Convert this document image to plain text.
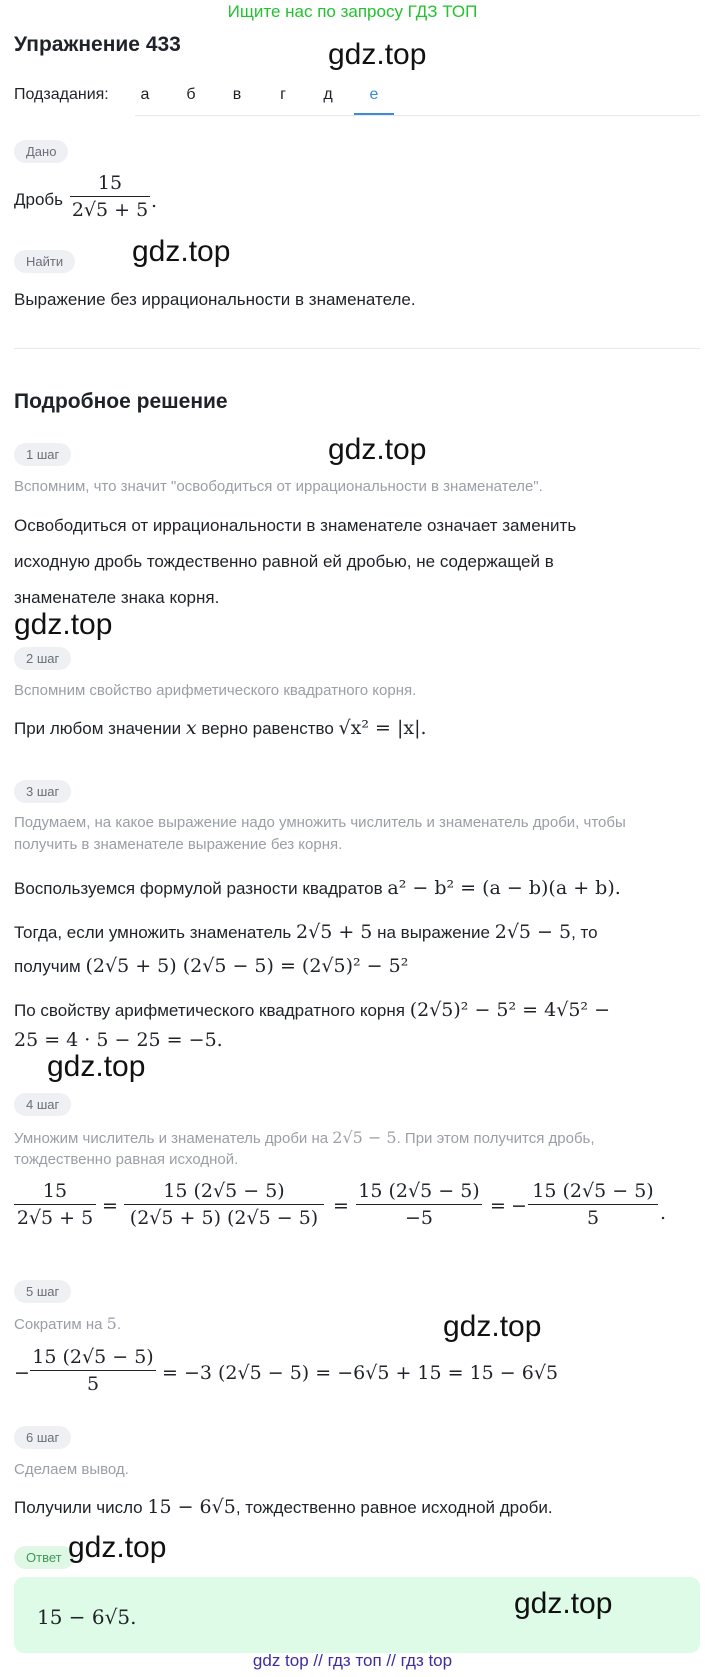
Ищите нас по запросу ГДЗ ТОП
Упражнение 433	gdz.top
Подзадания:	а	б	в	г	д	е
Дано
Дробь
15
2√5 + 5 .
Найти	gdz.top
Выражение без иррациональности в знаменателе.
Подробное решение
1 шаг	gdz.top
Вспомним, что значит "освободиться от иррациональности в знаменателе".
Освободиться от иррациональности в знаменателе означает заменить
исходную дробь тождественно равной ей дробью, не содержащей в
знаменателе знака корня.
gdz.top
2 шаг
Вспомним свойство арифметического квадратного корня.
При любом значении x верно равенство √x² = |x|.
3 шаг
Подумаем, на какое выражение надо умножить числитель и знаменатель дроби, чтобы
получить в знаменателе выражение без корня.
Воспользуемся формулой разности квадратов a² − b² = (a − b)(a + b).
Тогда, если умножить знаменатель 2√5 + 5 на выражение 2√5 − 5, то
получим (2√5 + 5) (2√5 − 5) = (2√5)² − 5²
По свойству арифметического квадратного корня (2√5)² − 5² = 4√5² −
25 = 4 · 5 − 25 = −5.
gdz.top
4 шаг
Умножим числитель и знаменатель дроби на 2√5 − 5. При этом получится дробь,
тождественно равная исходной.
15
2√5 + 5
=
15 (2√5 − 5)
(2√5 + 5) (2√5 − 5)
=
15 (2√5 − 5)
−5
= −
15 (2√5 − 5)
5	.
5 шаг
Сократим на 5.	gdz.top
−
15 (2√5 − 5)
5	= −3 (2√5 − 5) = −6√5 + 15 = 15 − 6√5
6 шаг
Сделаем вывод.
Получили число 15 − 6√5, тождественно равное исходной дроби.
Ответ gdz.top
15 − 6√5.	gdz.top
gdz top // гдз топ // гдз top
